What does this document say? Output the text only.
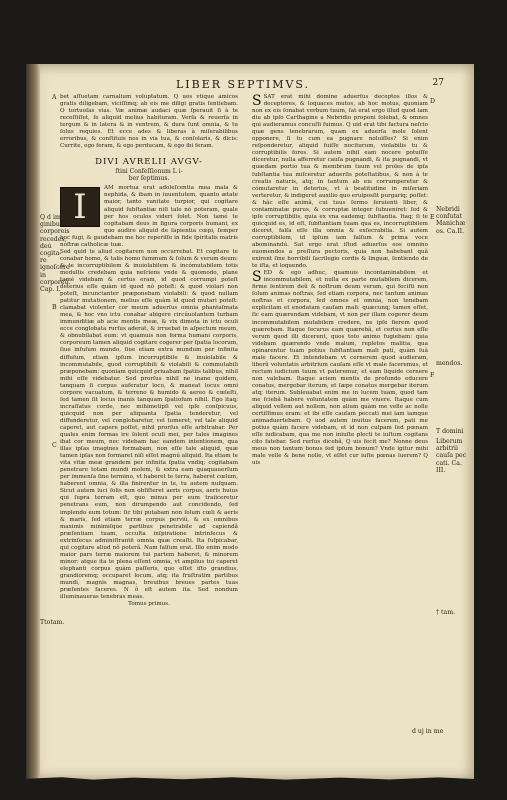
LIBER SEPTIMVS.	27

bet aſſuetam carnalium voluptatum. Q uos vtique amicos gratis diligebam, viciſſimq; ab eis me diligi gratis ſentiebam. O tortuoſas vias. Væ animæ audaci quæ ſperauit ſi à te receſſiſſet, ſe aliquid melius habituram. Verſa & reuerſa in tergum & in latera & in ventrem, & dura ſunt omnia, & tu ſolus requies. Et ecce ades & liberas à miſerabilibus erroribus, & conſtituis nos in via tua, & conſolaris, & dicis: Currite, ego feram, & ego perducam, & ego ibi feram.

DIVI AVRELII AVGV-
ſtini Confeſſionum L i-
ber ſeptimus.
I	AM mortua erat adoleſcentia mea mala & nephida, & ibam in iuuentutem, quanto ætate maior, tanto vanitate turpior, qui cogitare aliquid ſubſtantiæ niſi tale nó poteram, quale per hos oculos videri ſolet. Non tamé te cogitabam deus in figura corporis humani, ex quo audire aliquid de ſapientia cœpi, ſemper hoc fugi, & gaudebam me hoc reperiſſe in fide ſpiritalis matris noſtræ catholicæ tuæ.

Sed quid te aliud cogitarem non occurrebat. Et cogitare te conabar homo, & talis homo ſummum & ſolum & verum deum: & te incorruptibilem & inuiolabilem & incómutabilem totis medullis credebam quia neſciens vnde & quomodo, plane tamé videbam & certus eram, id quod corrumpi poteſt deterius eſſe quàm id quod nó poteſt: & quod violari non poteſt, incunctanter præponebam violabili: & quod nullam patitur mutationem, melius eſſe quàm id quod mutari poteſt: clamabat violenter cor meum aduerſus omnia phantaſmata mea, & hoc vno ictu conabar abigere circúuolantem turbam immunditiæ ab acie mentis meæ, & vix dimota in ictu oculi ecce conglobata rurſus aderat, & irruebat in aſpectum meum, & obnubilabat eum: vt quamuis non forma humani corporis, corporeum tamen aliquid cogitare cogerer per ſpatia locorum, ſiue infuſum mundo, ſiue etiam extra mundum per infinita diffuſum, etiam ipſum incorruptibile & inuiolabile & incommutabile, quod corruptibili & violabili & commutabili præponebam: quoniam quicquid priuabam ſpatiis talibus, nihil mihi eſſe videbatur. Sed prorſus nihil ne inane quidem, tanquam ſi corpus auferatur loco, & maneat locus omni corpore vacuatum, & terreno & humido & aereo & cœleſti, ſed tamen ſit locus inanis tanquam ſpatioſum nihil. Ego itaq; incraſſatus corde, nec mihimetipſi vel ipſe conſpicuus, quicquid non per aliquanta ſpatia tenderetur, vel diffunderetur, vel conglobaretur, vel tumeret, vel tale aliquid caperet, aut capere poſſet, nihil prorſus eſſe arbitrabar. Per quales enim formas ire ſolent oculi mei, per tales imagines ibat cor meum, nec videbam hac eandem intentionem, qua illas ipſas imagines formabam, non eſſe tale aliquid, quæ tamen ipſas non formaret niſi eſſet magnú aliquid. Ita etiam te vita vitæ meæ grandem per infinita ſpatia vndiq; cogitabam penetrare totam mundi molem, & extra eam quaquauerſum per immenſa ſine termino, vt haberet te terra, haberet cœlum, haberent omnia, & illa finirentur in te, tu autem nuſquam. Sicut autem luci ſolis non obſiſteret aeris corpus, aeris huius qui ſupra terram eſt, quo minus per eum traiiceretur penetrans eum, non dirumpendo aut concidendo, ſed implendo eum totum: ſic tibi putabam non ſolum cœli & aeris & maris, ſed etiam terræ corpus perviũ, & ex omnibus maximis minimiſque partibus penetrabile ad capiendã præſentiam tuam, occulta inſpiratione intrinſecus & extrinſecus adminiſtrantē omnia quæ creaſti. Ita ſuſpicabar, qui cogitare aliud nõ poterã. Nam falſum erat. Illo enim modo maior pars terræ maiorem tui partem haberet, & minorem minor: atque ita te plena eſſent omnia, vt amplius tui caperet elephanti corpus quàm paſſeris, quo eſſet iſto grandius, grandioremq; occuparet locum, atq; ita fruſtratim partibus mundi, magnis magnas, breuibus breues partes tuas præſentes faceres. N õ eſt autem ita. Sed nondum illuminaueras tenebras meas.

Tomus primus.

SSAT erat mihi domine aduerſus deceptos illos & deceptores, & loquaces mutos, ab hoc motus, quoniam non ex eis ſonabat verbum tuum, ſat erat ergo illud quod iam diu ab ipſo Carthagine a Nebridio proponi ſolebat, & omnes qui audieramus concuſſi fuimus. Q uid erat tibi factura neſcio quæ gens tenebrarum, quam ex aduerſa mole ſolent opponere, ſi tu cum ea pugnare noluiſſes? Si enim reſponderetur, aliquid fuiſſe nociturum, violabilis tu & corruptibilis fores. Si autem nihil eam nocere potuiſſe diceretur, nulla afferretur cauſa pugnandi, & ita pugnandi, vt quædam portio tua & membrum tuum vel proles de ipſa ſubſtantia tua miſceretur aduerſis poteſtatibus, & non à te creatis naturis, atq; in tantum ab eis corrumperetur & cómutaretur in deterius, vt à beatitudine in miſeriam verteretur, & indigeret auxilio quo eruiposſit purgariq; poſſet: & hãc eſſe animã, cui tuus ſermo ſeruienti liber, & contaminatæ purus, & corruptæ integer ſubueniret: ſed & ipſe corruptibilis, quia ex vna eademq; ſubſtantia. Itaq; ſi te quicquid es, id eſt, ſubſtantiam tuam qua es, incorruptibilem diceret, falſa eſſe illa omnia & exſecrabilia. Si autem corruptibilem, id ipſum iam falſum & prima voce abominandú. Sat ergo erat iſtud aduerſus eos omnino euomendos a preſſura pectoris, quia non habebant quã exirent ſine horribili ſacrilegio cordis & linguæ, ſentiendo de te iſta, et loquendo.

SED & ego adhuc, quamuis incontaminabilem et incommutabilem, et nulla ex parte mutabilem dicerem, firme ſentirem deũ & noſtrum deum verum, qui feciſti non ſolum animas noſtras, ſed etiam corpora, nec tantum animas noſtras et corpora, ſed omnes et omnia, non tenebam explicitam et enodatam cauſam mali: quæcunq; tamen eſſet, ſic eam quærendam videbam, vt non per illam cogerer deum incommutabilem mutabilem credere, ne ipſe fierem quod quærebam. Itaque ſecurus eam quærebã, et certus non eſſe verum quod illi dicerent, quos toto animo fugiebam: quia videbam quærendo vnde malum, repletos malitia, qua opinarentur tuam potius ſubſtantiam mali patí, quàm ſuã male facere. Et intendebam vt cernerem quod audieram, liberũ voluntatis arbitrium cauſam eſſe vt male faceremus, et rectum iudicium tuum vt pateremur, et eam liquide cernere non valebam. Itaque aciem mentis de profundo educere conatus, mergebar iterum, et ſæpe conatus mergebar iterum atq; iterum. Subleuabat enim me in lucem tuam, quod tam me ſciebã habere voluntatem quàm me viuere. Itaque cum aliquid vellem aut nollem, non alium quàm me velle ac nolle certiſſimus eram: et ibi eſſe cauſam peccati mei iam iamque animaduertebam. Q uod autem inuitus facerem, pati me potius quàm facere videbam, et id non culpam ſed pœnam eſſe iudicabam, qua me non iniuſte plecti te iuſtum cogitans cito fatebar. Sed rurſus dicebã, Q uis fecit me? Nonne deus meus non tantum bonus ſed ipſum bonum? Vnde igitur mihi male velle & bene nolle, vt eſſet cur iuſte pœnas luerem? Q uis

A
C
B
Q d ima ginibus corporeis recedes, deú cogita-re ignoſcere in corporeũ. Cap. I.
Ttotam.
D
E
F
Nebridi confutat Manichæ os. Ca.II.
mendos.
Liberum arbitrii cauſa pec cati. Ca. III.
T domini
† tam.
d uj in me
